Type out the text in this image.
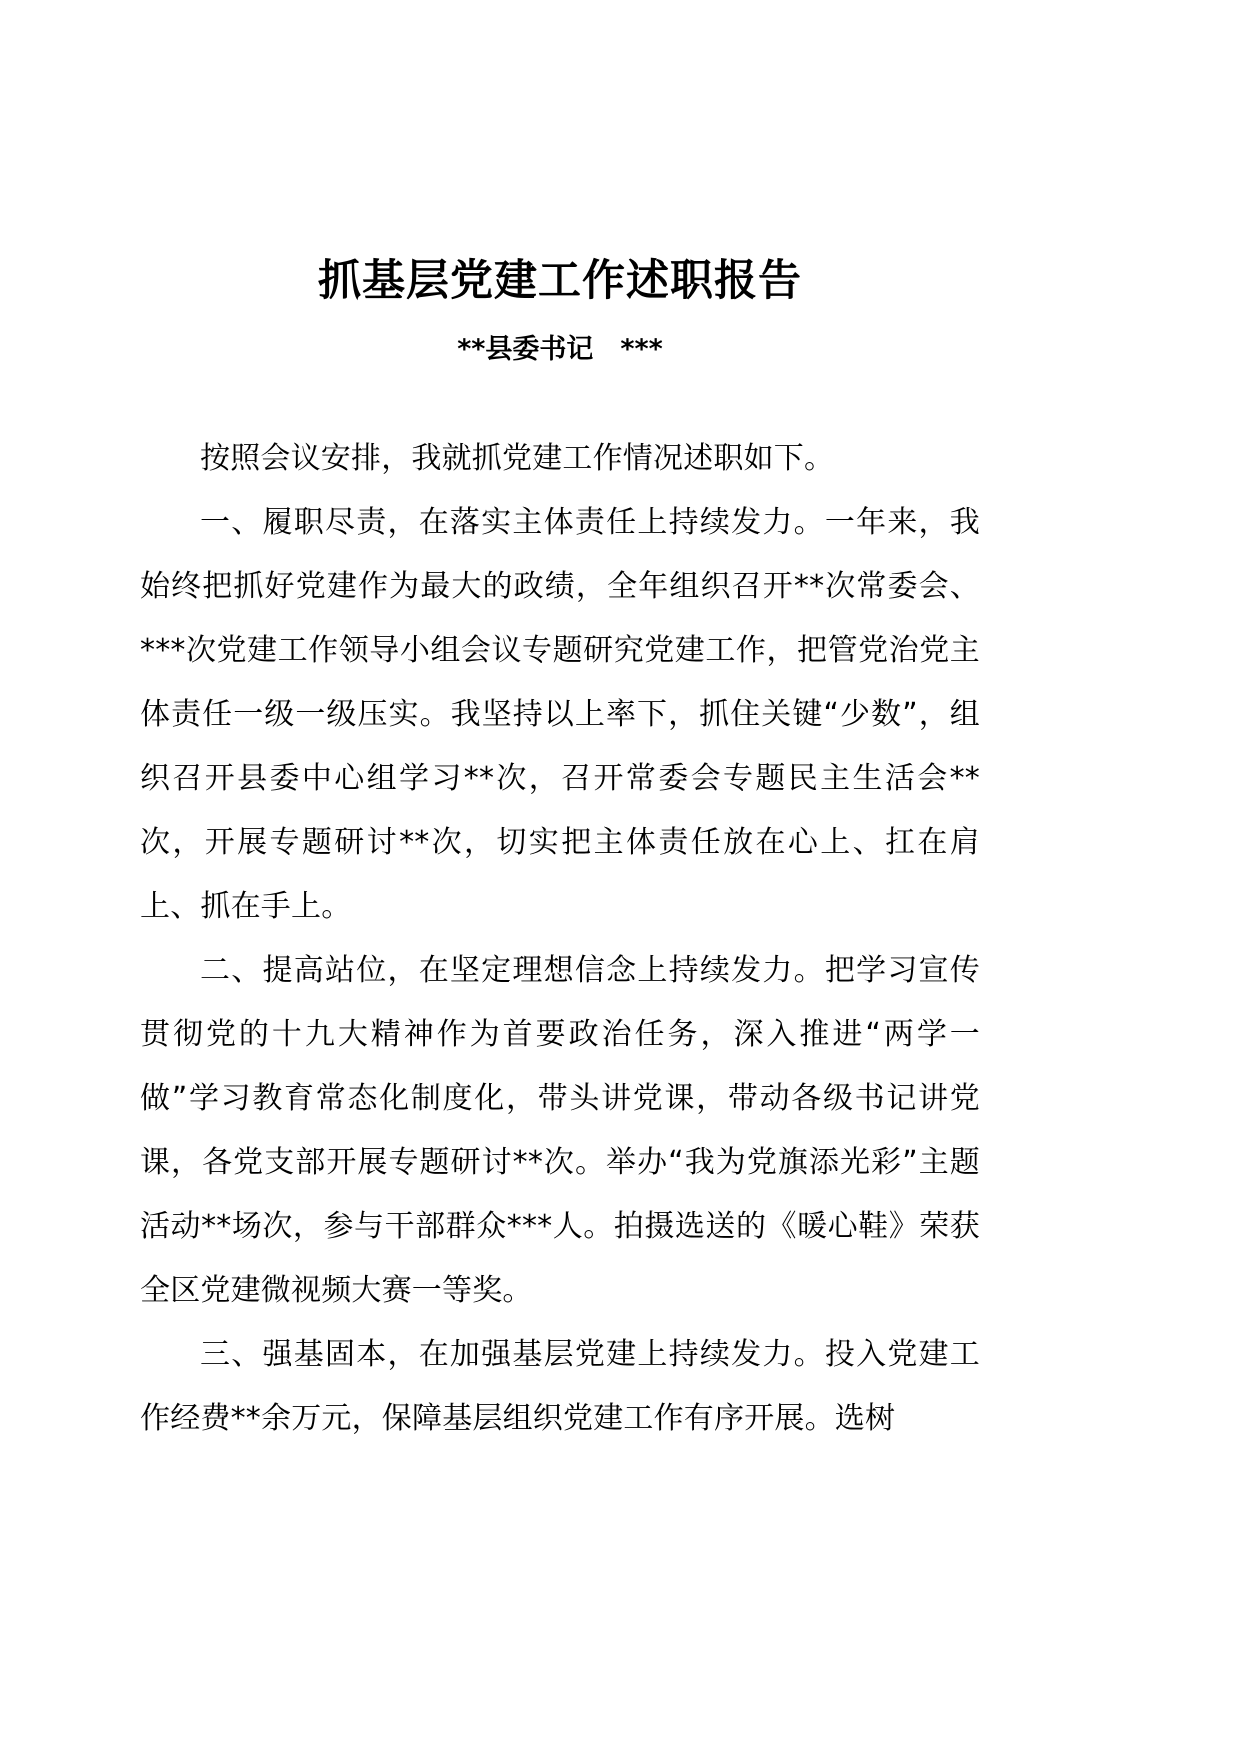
抓基层党建工作述职报告
**县委书记　***

按照会议安排，我就抓党建工作情况述职如下。

一、履职尽责，在落实主体责任上持续发力。一年来，我始终把抓好党建作为最大的政绩，全年组织召开**次常委会、***次党建工作领导小组会议专题研究党建工作，把管党治党主体责任一级一级压实。我坚持以上率下，抓住关键“少数”，组织召开县委中心组学习**次，召开常委会专题民主生活会**次，开展专题研讨**次，切实把主体责任放在心上、扛在肩上、抓在手上。

二、提高站位，在坚定理想信念上持续发力。把学习宣传贯彻党的十九大精神作为首要政治任务，深入推进“两学一做”学习教育常态化制度化，带头讲党课，带动各级书记讲党课，各党支部开展专题研讨**次。举办“我为党旗添光彩”主题活动**场次，参与干部群众***人。拍摄选送的《暖心鞋》荣获全区党建微视频大赛一等奖。

三、强基固本，在加强基层党建上持续发力。投入党建工作经费**余万元，保障基层组织党建工作有序开展。选树
